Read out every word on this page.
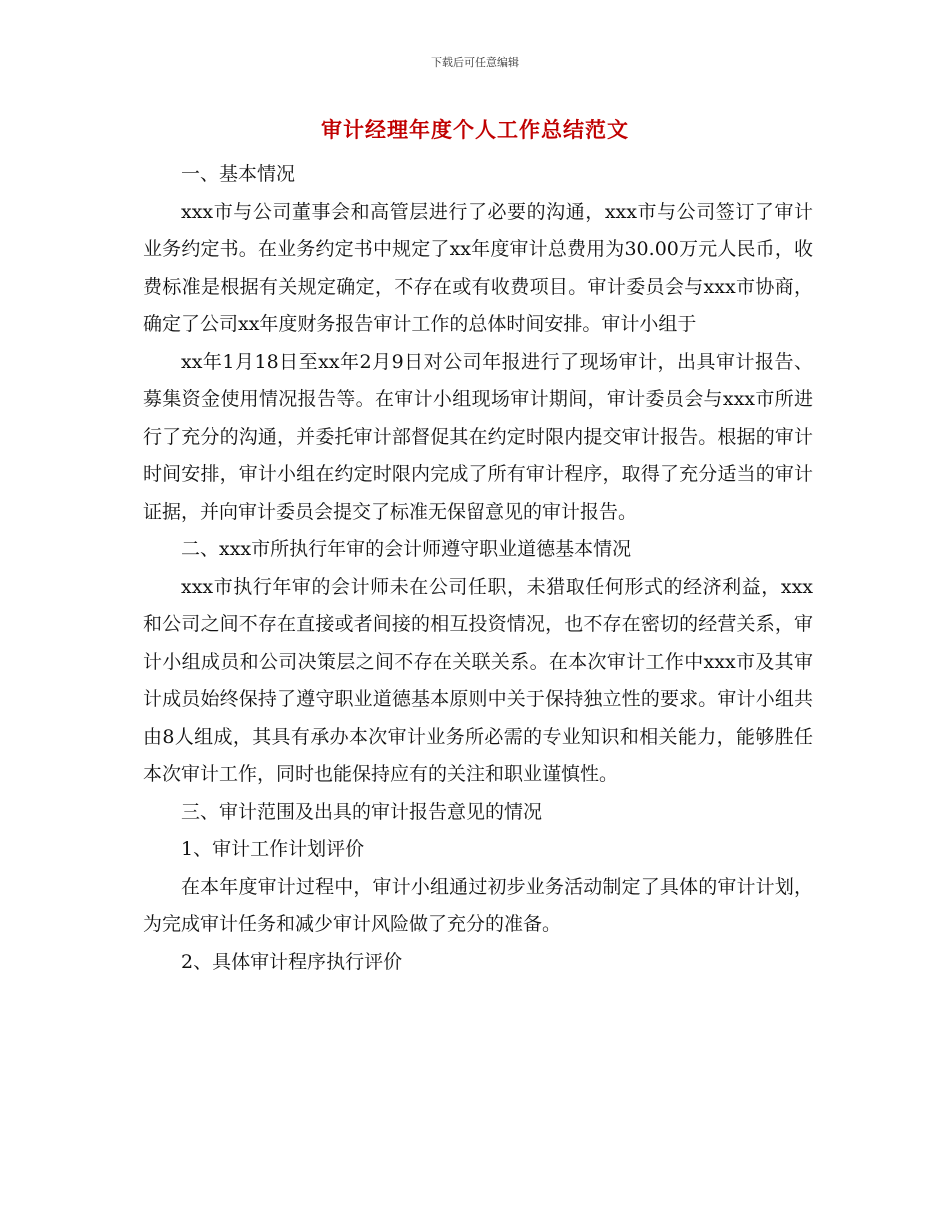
下载后可任意编辑
审计经理年度个人工作总结范文

一、基本情况

xxx市与公司董事会和高管层进行了必要的沟通，xxx市与公司签订了审计业务约定书。在业务约定书中规定了xx年度审计总费用为30.00万元人民币，收费标准是根据有关规定确定，不存在或有收费项目。审计委员会与xxx市协商，确定了公司xx年度财务报告审计工作的总体时间安排。审计小组于

xx年1月18日至xx年2月9日对公司年报进行了现场审计，出具审计报告、募集资金使用情况报告等。在审计小组现场审计期间，审计委员会与xxx市所进行了充分的沟通，并委托审计部督促其在约定时限内提交审计报告。根据的审计时间安排，审计小组在约定时限内完成了所有审计程序，取得了充分适当的审计证据，并向审计委员会提交了标准无保留意见的审计报告。

二、xxx市所执行年审的会计师遵守职业道德基本情况

xxx市执行年审的会计师未在公司任职，未猎取任何形式的经济利益，xxx和公司之间不存在直接或者间接的相互投资情况，也不存在密切的经营关系，审计小组成员和公司决策层之间不存在关联关系。在本次审计工作中xxx市及其审计成员始终保持了遵守职业道德基本原则中关于保持独立性的要求。审计小组共由8人组成，其具有承办本次审计业务所必需的专业知识和相关能力，能够胜任本次审计工作，同时也能保持应有的关注和职业谨慎性。

三、审计范围及出具的审计报告意见的情况

1、审计工作计划评价

在本年度审计过程中，审计小组通过初步业务活动制定了具体的审计计划，为完成审计任务和减少审计风险做了充分的准备。

2、具体审计程序执行评价
